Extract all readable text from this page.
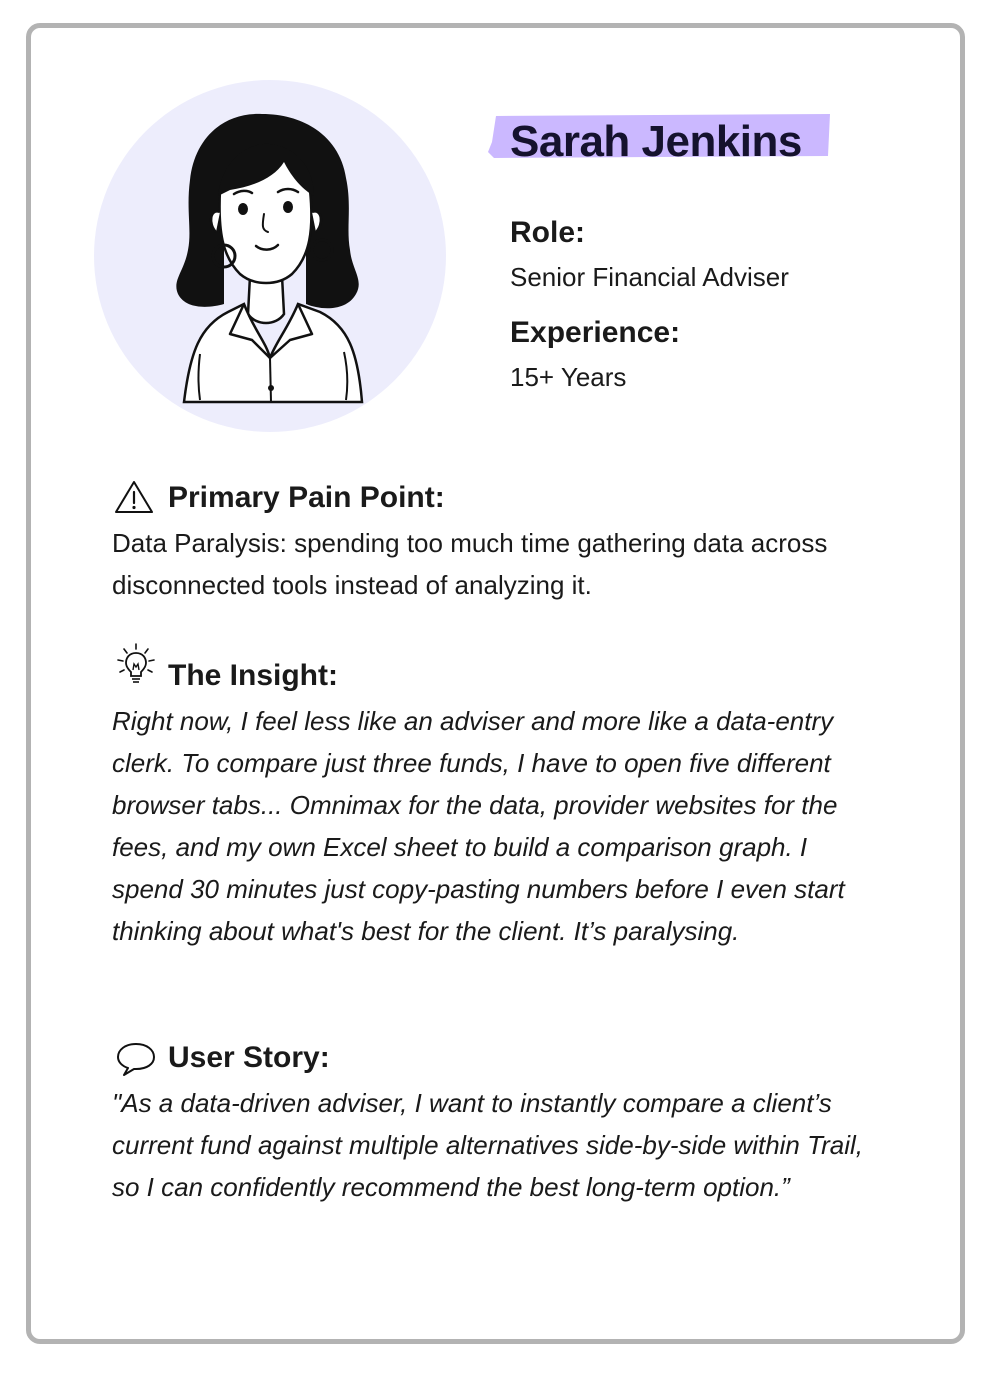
Sarah Jenkins

Role:

Senior Financial Adviser

Experience:

15+ Years

Primary Pain Point:

Data Paralysis: spending too much time gathering data across disconnected tools instead of analyzing it.

The Insight:

Right now, I feel less like an adviser and more like a data-entry clerk. To compare just three funds, I have to open five different browser tabs... Omnimax for the data, provider websites for the fees, and my own Excel sheet to build a comparison graph. I spend 30 minutes just copy-pasting numbers before I even start thinking about what's best for the client. It’s paralysing.

User Story:

"As a data-driven adviser, I want to instantly compare a client’s current fund against multiple alternatives side-by-side within Trail, so I can confidently recommend the best long-term option.”
